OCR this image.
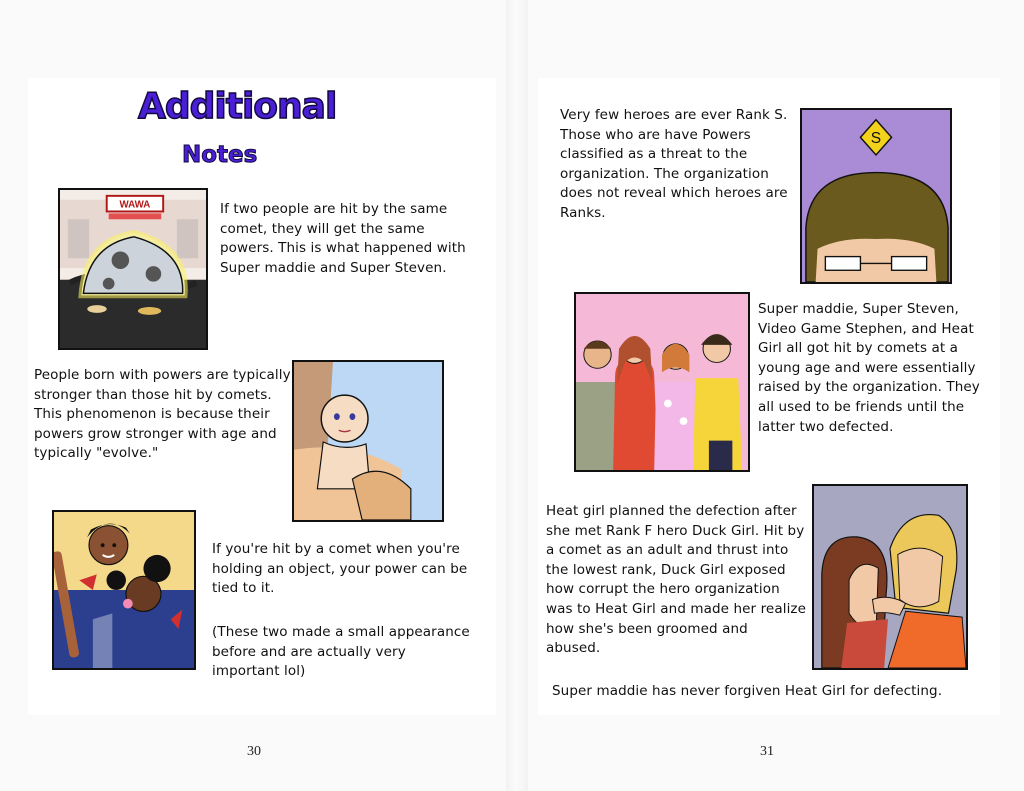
Additional
Notes
WAWA	If two people are hit by the same comet, they will get the same powers. This is what happened with Super maddie and Super Steven.
People born with powers are typically stronger than those hit by comets. This phenomenon is because their powers grow stronger with age and typically "evolve."
If you're hit by a comet when you're holding an object, your power can be tied to it.
(These two made a small appearance before and are actually very important lol)
30
Very few heroes are ever Rank S. Those who are have Powers classified as a threat to the organization. The organization does not reveal which heroes are Ranks.
S
Super maddie, Super Steven, Video Game Stephen, and Heat Girl all got hit by comets at a young age and were essentially raised by the organization. They all used to be friends until the latter two defected.
Heat girl planned the defection after she met Rank F hero Duck Girl. Hit by a comet as an adult and thrust into the lowest rank, Duck Girl exposed how corrupt the hero organization was to Heat Girl and made her realize how she's been groomed and abused.
Super maddie has never forgiven Heat Girl for defecting.
31
